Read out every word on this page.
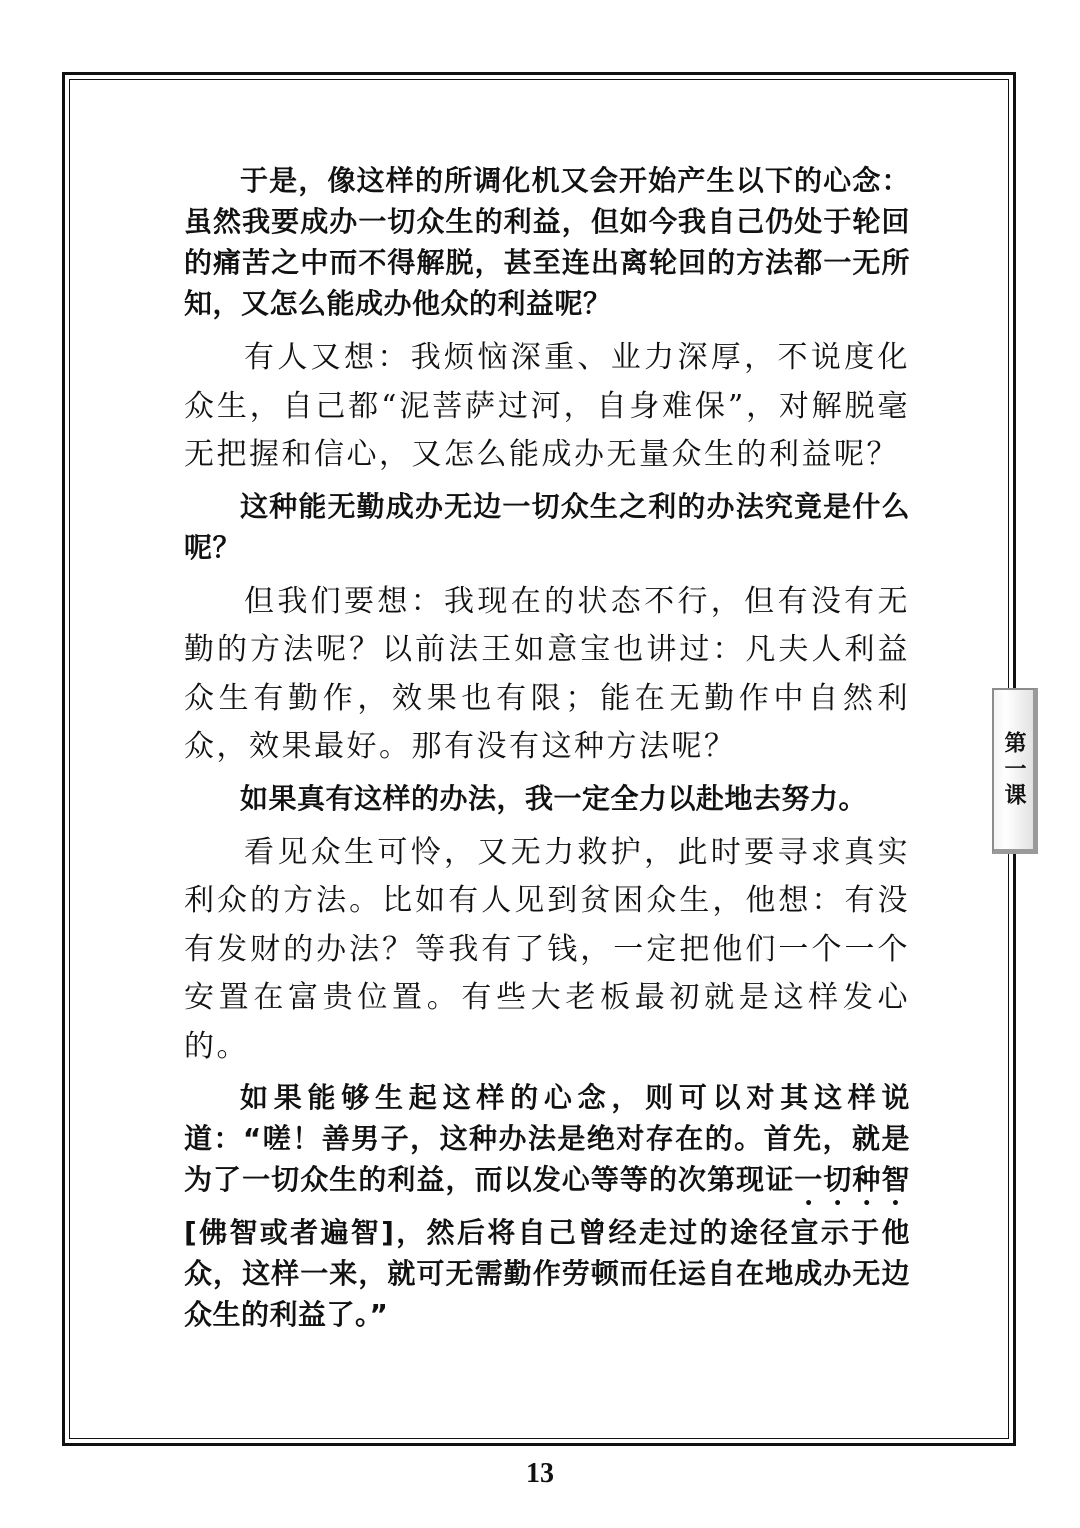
于是，像这样的所调化机又会开始产生以下的心念：虽然我要成办一切众生的利益，但如今我自己仍处于轮回的痛苦之中而不得解脱，甚至连出离轮回的方法都一无所知，又怎么能成办他众的利益呢？

有人又想：我烦恼深重、业力深厚，不说度化众生，自己都“泥菩萨过河，自身难保”，对解脱毫无把握和信心，又怎么能成办无量众生的利益呢？

这种能无勤成办无边一切众生之利的办法究竟是什么呢？

但我们要想：我现在的状态不行，但有没有无勤的方法呢？以前法王如意宝也讲过：凡夫人利益众生有勤作，效果也有限；能在无勤作中自然利众，效果最好。那有没有这种方法呢？

如果真有这样的办法，我一定全力以赴地去努力。

看见众生可怜，又无力救护，此时要寻求真实利众的方法。比如有人见到贫困众生，他想：有没有发财的办法？等我有了钱，一定把他们一个一个安置在富贵位置。有些大老板最初就是这样发心的。

如果能够生起这样的心念，则可以对其这样说道：“嗟！善男子，这种办法是绝对存在的。首先，就是为了一切众生的利益，而以发心等等的次第现证一切种智[佛智或者遍智]，然后将自己曾经走过的途径宣示于他众，这样一来，就可无需勤作劳顿而任运自在地成办无边众生的利益了。”

第一课
13
